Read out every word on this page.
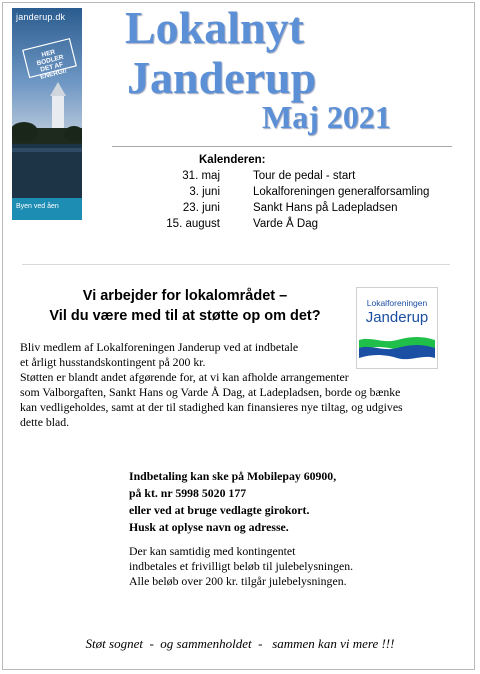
janderup.dk
HER BODLER DET AF ENERGI!
Byen ved åen
Lokalnyt
Janderup
Maj 2021
Kalenderen:
31. maj	Tour de pedal - start
3. juni	Lokalforeningen generalforsamling
23. juni	Sankt Hans på Ladepladsen
15. august	Varde Å Dag
Vi arbejder for lokalområdet –
Vil du være med til at støtte op om det?
Lokalforeningen
Janderup
Bliv medlem af Lokalforeningen Janderup ved at indbetale
et årligt husstandskontingent på 200 kr.
Støtten er blandt andet afgørende for, at vi kan afholde arrangementer
som Valborgaften, Sankt Hans og Varde Å Dag, at Ladepladsen, borde og bænke
kan vedligeholdes, samt at der til stadighed kan finansieres nye tiltag, og udgives
dette blad.
Indbetaling kan ske på Mobilepay 60900,
på kt. nr 5998 5020 177
eller ved at bruge vedlagte girokort.
Husk at oplyse navn og adresse.
Der kan samtidig med kontingentet
indbetales et frivilligt beløb til julebelysningen.
Alle beløb over 200 kr. tilgår julebelysningen.
Støt sognet  -  og sammenholdet  -   sammen kan vi mere !!!
